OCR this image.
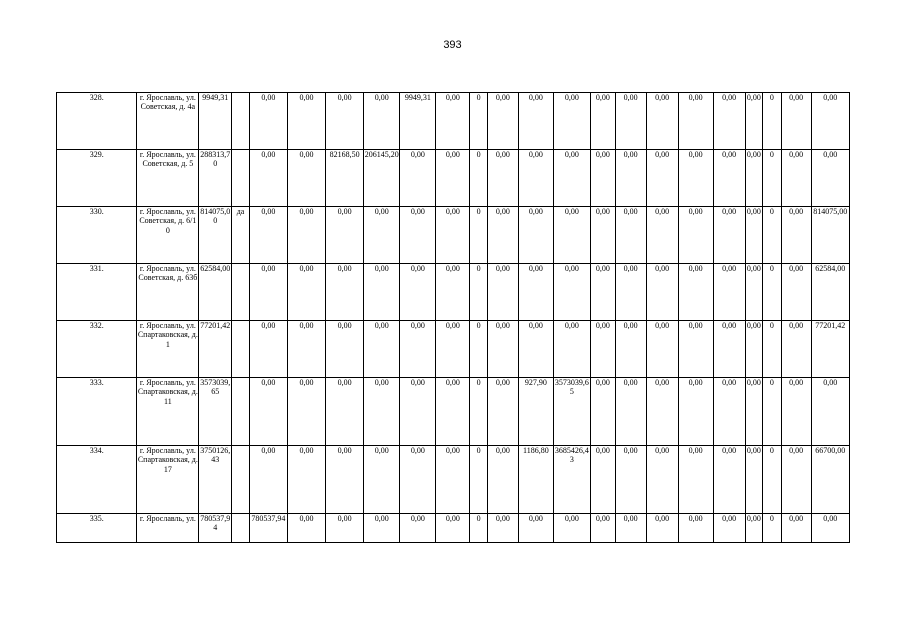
393
328.	г. Ярославль, ул. Советская, д. 4а	9949,31		0,00	0,00	0,00	0,00	9949,31	0,00	0	0,00	0,00	0,00	0,00	0,00	0,00	0,00	0,00	0,00	0	0,00	0,00
329.	г. Ярославль, ул. Советская, д. 5	288313,70		0,00	0,00	82168,50	206145,20	0,00	0,00	0	0,00	0,00	0,00	0,00	0,00	0,00	0,00	0,00	0,00	0	0,00	0,00
330.	г. Ярославль, ул. Советская, д. 6/10	814075,00	да	0,00	0,00	0,00	0,00	0,00	0,00	0	0,00	0,00	0,00	0,00	0,00	0,00	0,00	0,00	0,00	0	0,00	814075,00
331.	г. Ярославль, ул. Советская, д. 63б	62584,00		0,00	0,00	0,00	0,00	0,00	0,00	0	0,00	0,00	0,00	0,00	0,00	0,00	0,00	0,00	0,00	0	0,00	62584,00
332.	г. Ярославль, ул. Спартаковская, д. 1	77201,42		0,00	0,00	0,00	0,00	0,00	0,00	0	0,00	0,00	0,00	0,00	0,00	0,00	0,00	0,00	0,00	0	0,00	77201,42
333.	г. Ярославль, ул. Спартаковская, д. 11	3573039,65		0,00	0,00	0,00	0,00	0,00	0,00	0	0,00	927,90	3573039,65	0,00	0,00	0,00	0,00	0,00	0,00	0	0,00	0,00
334.	г. Ярославль, ул. Спартаковская, д. 17	3750126,43		0,00	0,00	0,00	0,00	0,00	0,00	0	0,00	1186,80	3685426,43	0,00	0,00	0,00	0,00	0,00	0,00	0	0,00	66700,00
335.	г. Ярославль, ул.	780537,94		780537,94	0,00	0,00	0,00	0,00	0,00	0	0,00	0,00	0,00	0,00	0,00	0,00	0,00	0,00	0,00	0	0,00	0,00
